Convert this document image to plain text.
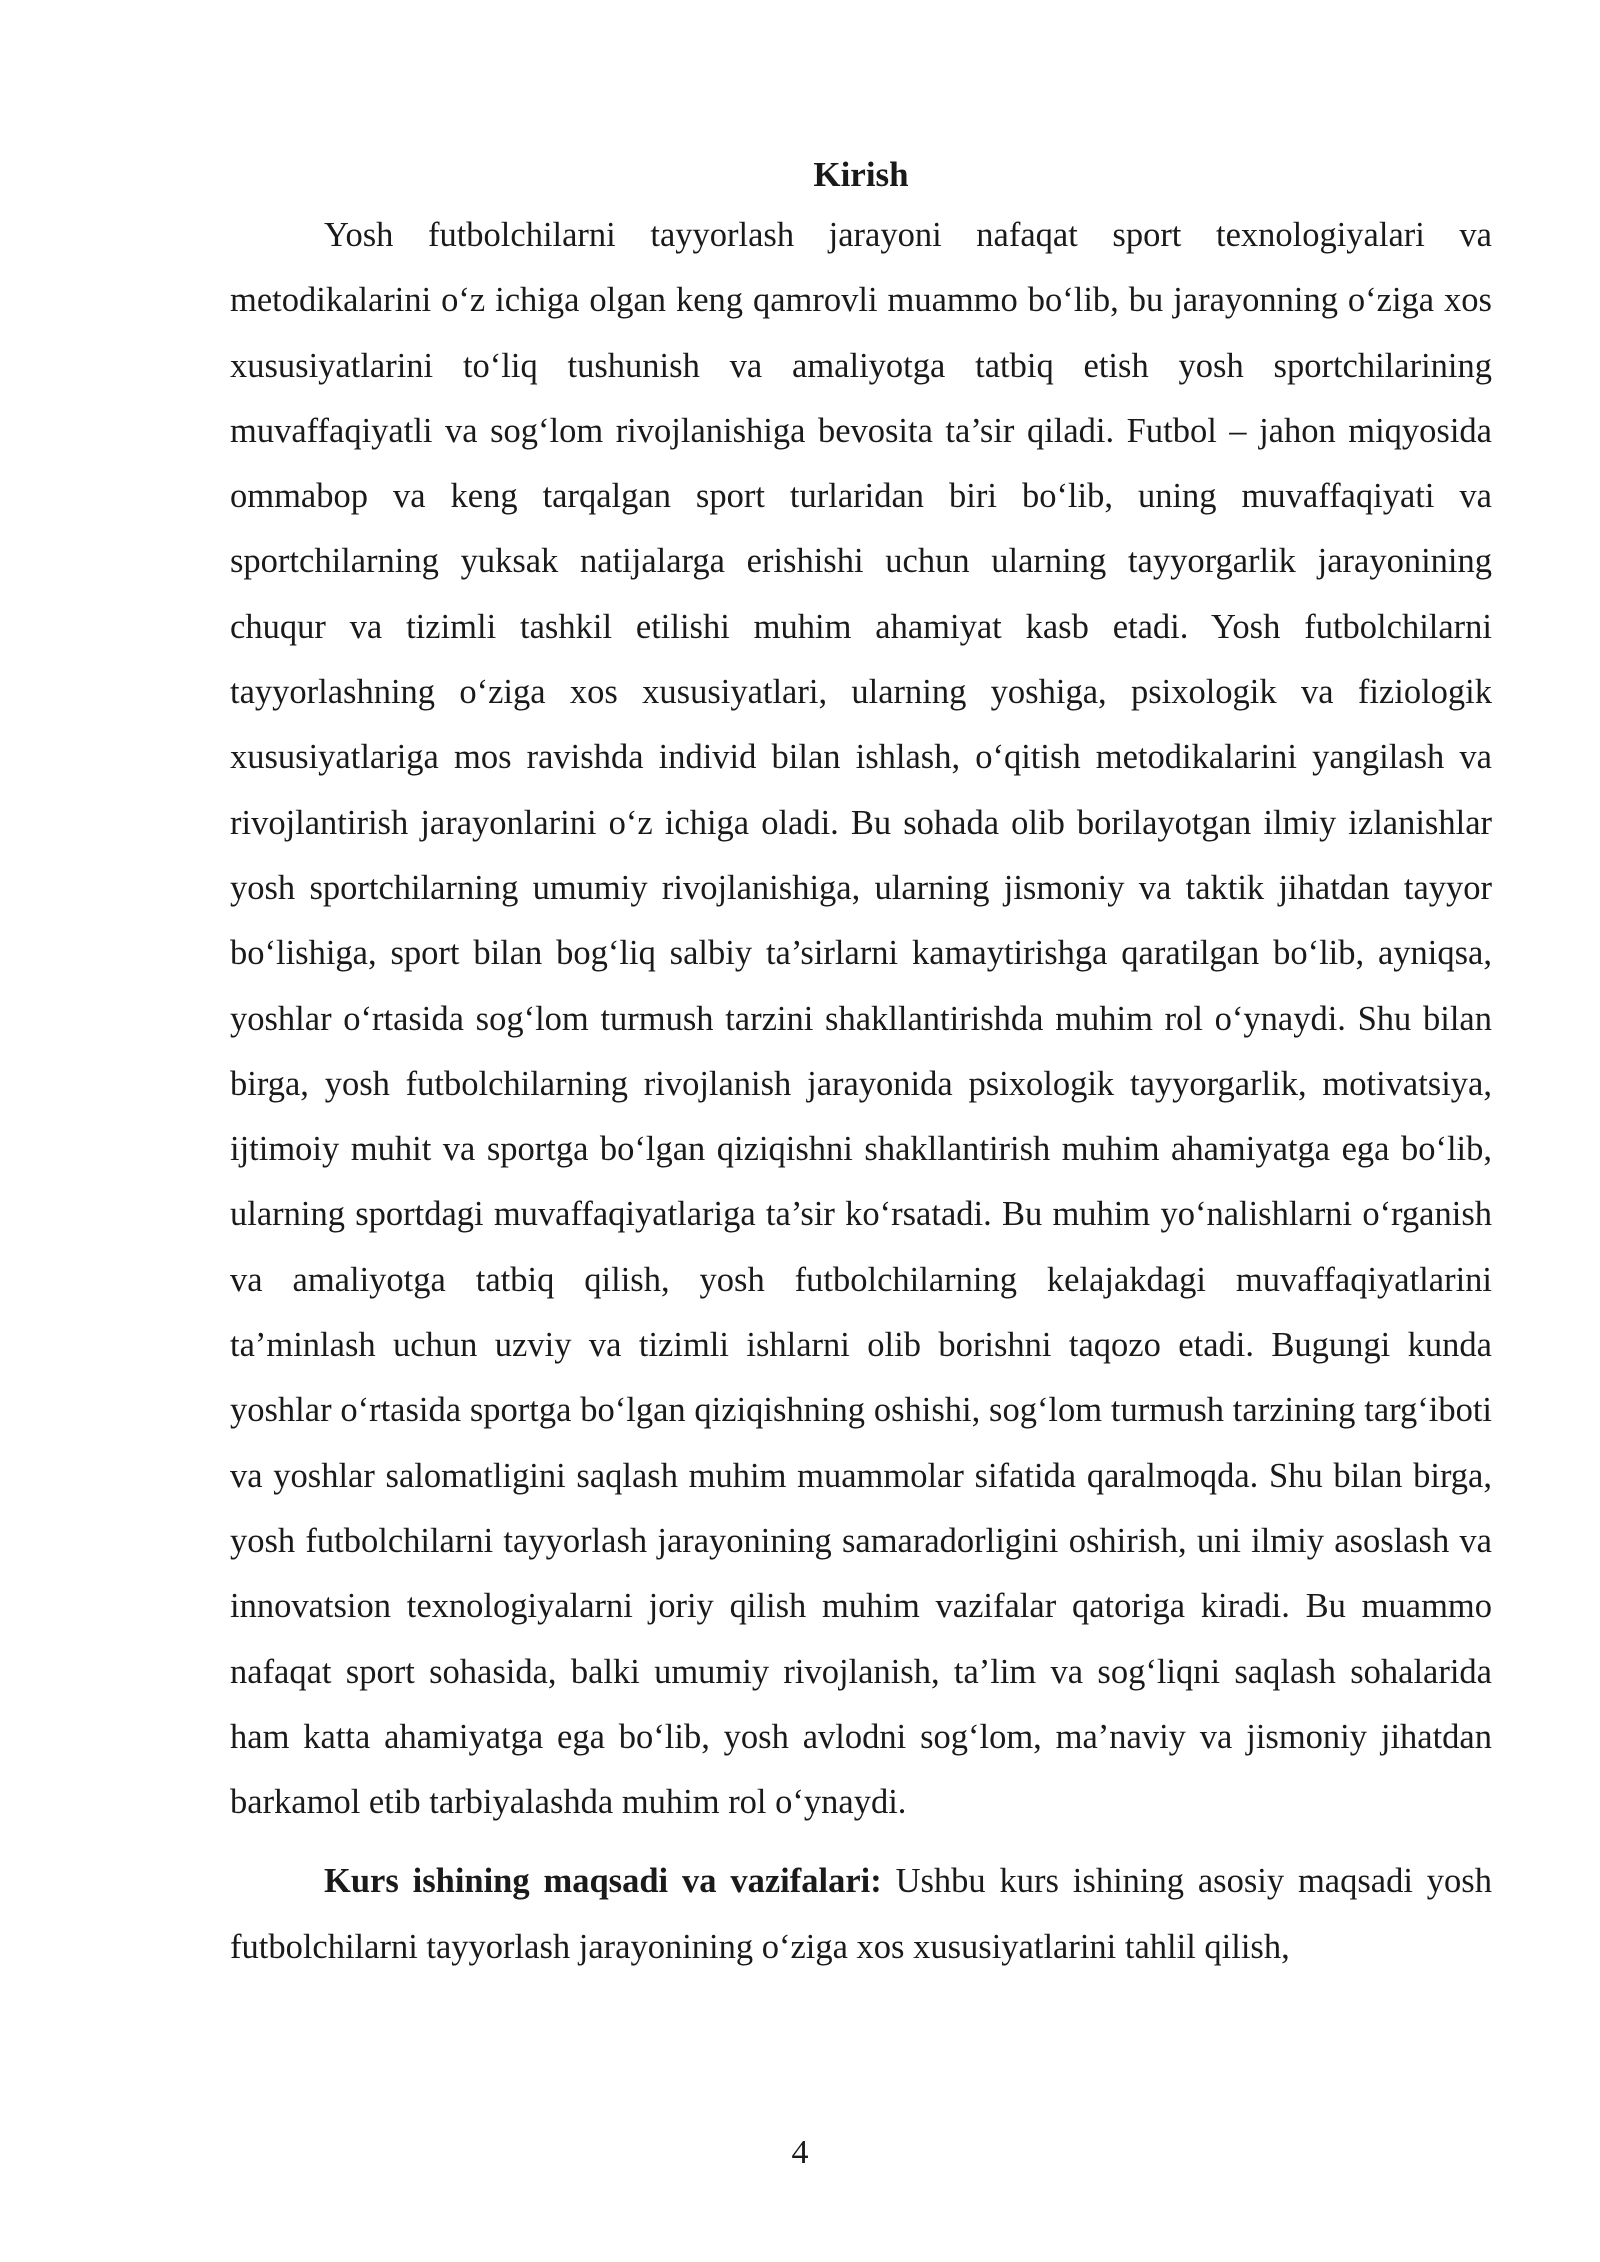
Kirish

Yosh futbolchilarni tayyorlash jarayoni nafaqat sport texnologiyalari va metodikalarini o‘z ichiga olgan keng qamrovli muammo bo‘lib, bu jarayonning o‘ziga xos xususiyatlarini to‘liq tushunish va amaliyotga tatbiq etish yosh sportchilarining muvaffaqiyatli va sog‘lom rivojlanishiga bevosita ta’sir qiladi. Futbol – jahon miqyosida ommabop va keng tarqalgan sport turlaridan biri bo‘lib, uning muvaffaqiyati va sportchilarning yuksak natijalarga erishishi uchun ularning tayyorgarlik jarayonining chuqur va tizimli tashkil etilishi muhim ahamiyat kasb etadi. Yosh futbolchilarni tayyorlashning o‘ziga xos xususiyatlari, ularning yoshiga, psixologik va fiziologik xususiyatlariga mos ravishda individ bilan ishlash, o‘qitish metodikalarini yangilash va rivojlantirish jarayonlarini o‘z ichiga oladi. Bu sohada olib borilayotgan ilmiy izlanishlar yosh sportchilarning umumiy rivojlanishiga, ularning jismoniy va taktik jihatdan tayyor bo‘lishiga, sport bilan bog‘liq salbiy ta’sirlarni kamaytirishga qaratilgan bo‘lib, ayniqsa, yoshlar o‘rtasida sog‘lom turmush tarzini shakllantirishda muhim rol o‘ynaydi. Shu bilan birga, yosh futbolchilarning rivojlanish jarayonida psixologik tayyorgarlik, motivatsiya, ijtimoiy muhit va sportga bo‘lgan qiziqishni shakllantirish muhim ahamiyatga ega bo‘lib, ularning sportdagi muvaffaqiyatlariga ta’sir ko‘rsatadi. Bu muhim yo‘nalishlarni o‘rganish va amaliyotga tatbiq qilish, yosh futbolchilarning kelajakdagi muvaffaqiyatlarini ta’minlash uchun uzviy va tizimli ishlarni olib borishni taqozo etadi. Bugungi kunda yoshlar o‘rtasida sportga bo‘lgan qiziqishning oshishi, sog‘lom turmush tarzining targ‘iboti va yoshlar salomatligini saqlash muhim muammolar sifatida qaralmoqda. Shu bilan birga, yosh futbolchilarni tayyorlash jarayonining samaradorligini oshirish, uni ilmiy asoslash va innovatsion texnologiyalarni joriy qilish muhim vazifalar qatoriga kiradi. Bu muammo nafaqat sport sohasida, balki umumiy rivojlanish, ta’lim va sog‘liqni saqlash sohalarida ham katta ahamiyatga ega bo‘lib, yosh avlodni sog‘lom, ma’naviy va jismoniy jihatdan barkamol etib tarbiyalashda muhim rol o‘ynaydi.

Kurs ishining maqsadi va vazifalari: Ushbu kurs ishining asosiy maqsadi yosh futbolchilarni tayyorlash jarayonining o‘ziga xos xususiyatlarini tahlil qilish,

4
